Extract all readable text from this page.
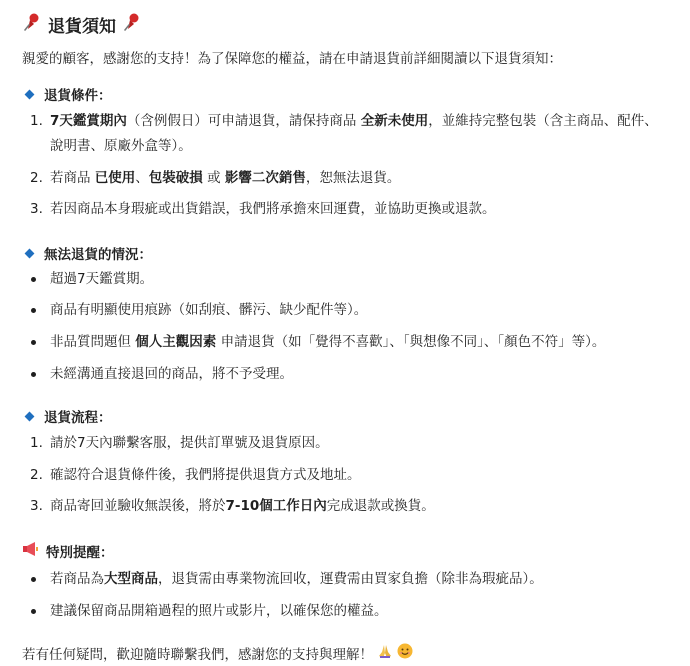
退貨須知
親愛的顧客，感謝您的支持！為了保障您的權益，請在申請退貨前詳細閱讀以下退貨須知：
退貨條件：
1. 7天鑑賞期內（含例假日）可申請退貨，請保持商品 全新未使用，並維持完整包裝（含主商品、配件、說明書、原廠外盒等）。
2. 若商品 已使用、包裝破損 或 影響二次銷售，恕無法退貨。
3. 若因商品本身瑕疵或出貨錯誤，我們將承擔來回運費，並協助更換或退款。
無法退貨的情況：
超過7天鑑賞期。
商品有明顯使用痕跡（如刮痕、髒污、缺少配件等）。
非品質問題但 個人主觀因素 申請退貨（如「覺得不喜歡」、「與想像不同」、「顏色不符」等）。
未經溝通直接退回的商品，將不予受理。
退貨流程：
1. 請於7天內聯繫客服，提供訂單號及退貨原因。
2. 確認符合退貨條件後，我們將提供退貨方式及地址。
3. 商品寄回並驗收無誤後，將於7-10個工作日內完成退款或換貨。
特別提醒：
若商品為大型商品，退貨需由專業物流回收，運費需由買家負擔（除非為瑕疵品）。
建議保留商品開箱過程的照片或影片，以確保您的權益。
若有任何疑問，歡迎隨時聯繫我們，感謝您的支持與理解！
